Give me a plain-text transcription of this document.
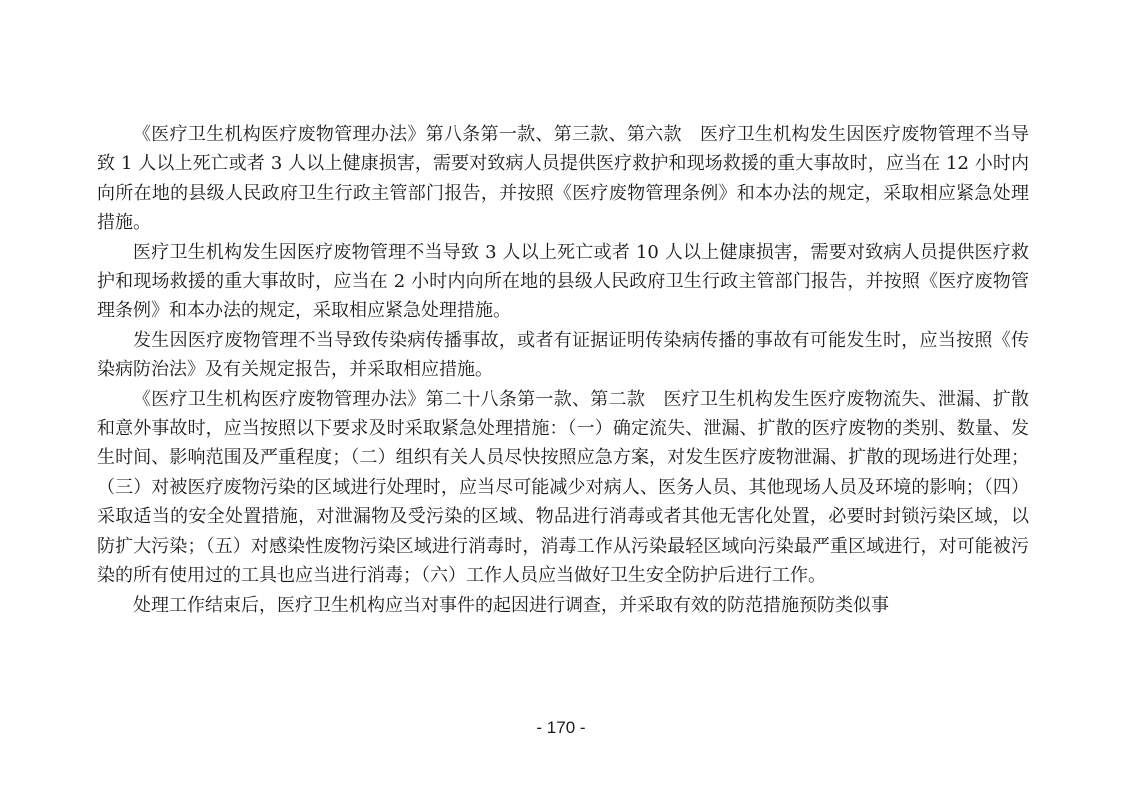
《医疗卫生机构医疗废物管理办法》第八条第一款、第三款、第六款　医疗卫生机构发生因医疗废物管理不当导致 1 人以上死亡或者 3 人以上健康损害，需要对致病人员提供医疗救护和现场救援的重大事故时，应当在 12 小时内向所在地的县级人民政府卫生行政主管部门报告，并按照《医疗废物管理条例》和本办法的规定，采取相应紧急处理措施。

医疗卫生机构发生因医疗废物管理不当导致 3 人以上死亡或者 10 人以上健康损害，需要对致病人员提供医疗救护和现场救援的重大事故时，应当在 2 小时内向所在地的县级人民政府卫生行政主管部门报告，并按照《医疗废物管理条例》和本办法的规定，采取相应紧急处理措施。

发生因医疗废物管理不当导致传染病传播事故，或者有证据证明传染病传播的事故有可能发生时，应当按照《传染病防治法》及有关规定报告，并采取相应措施。

《医疗卫生机构医疗废物管理办法》第二十八条第一款、第二款　医疗卫生机构发生医疗废物流失、泄漏、扩散和意外事故时，应当按照以下要求及时采取紧急处理措施：（一）确定流失、泄漏、扩散的医疗废物的类别、数量、发生时间、影响范围及严重程度；（二）组织有关人员尽快按照应急方案，对发生医疗废物泄漏、扩散的现场进行处理；（三）对被医疗废物污染的区域进行处理时，应当尽可能减少对病人、医务人员、其他现场人员及环境的影响；（四）采取适当的安全处置措施，对泄漏物及受污染的区域、物品进行消毒或者其他无害化处置，必要时封锁污染区域，以防扩大污染；（五）对感染性废物污染区域进行消毒时，消毒工作从污染最轻区域向污染最严重区域进行，对可能被污染的所有使用过的工具也应当进行消毒；（六）工作人员应当做好卫生安全防护后进行工作。

处理工作结束后，医疗卫生机构应当对事件的起因进行调查，并采取有效的防范措施预防类似事

- 170 -
